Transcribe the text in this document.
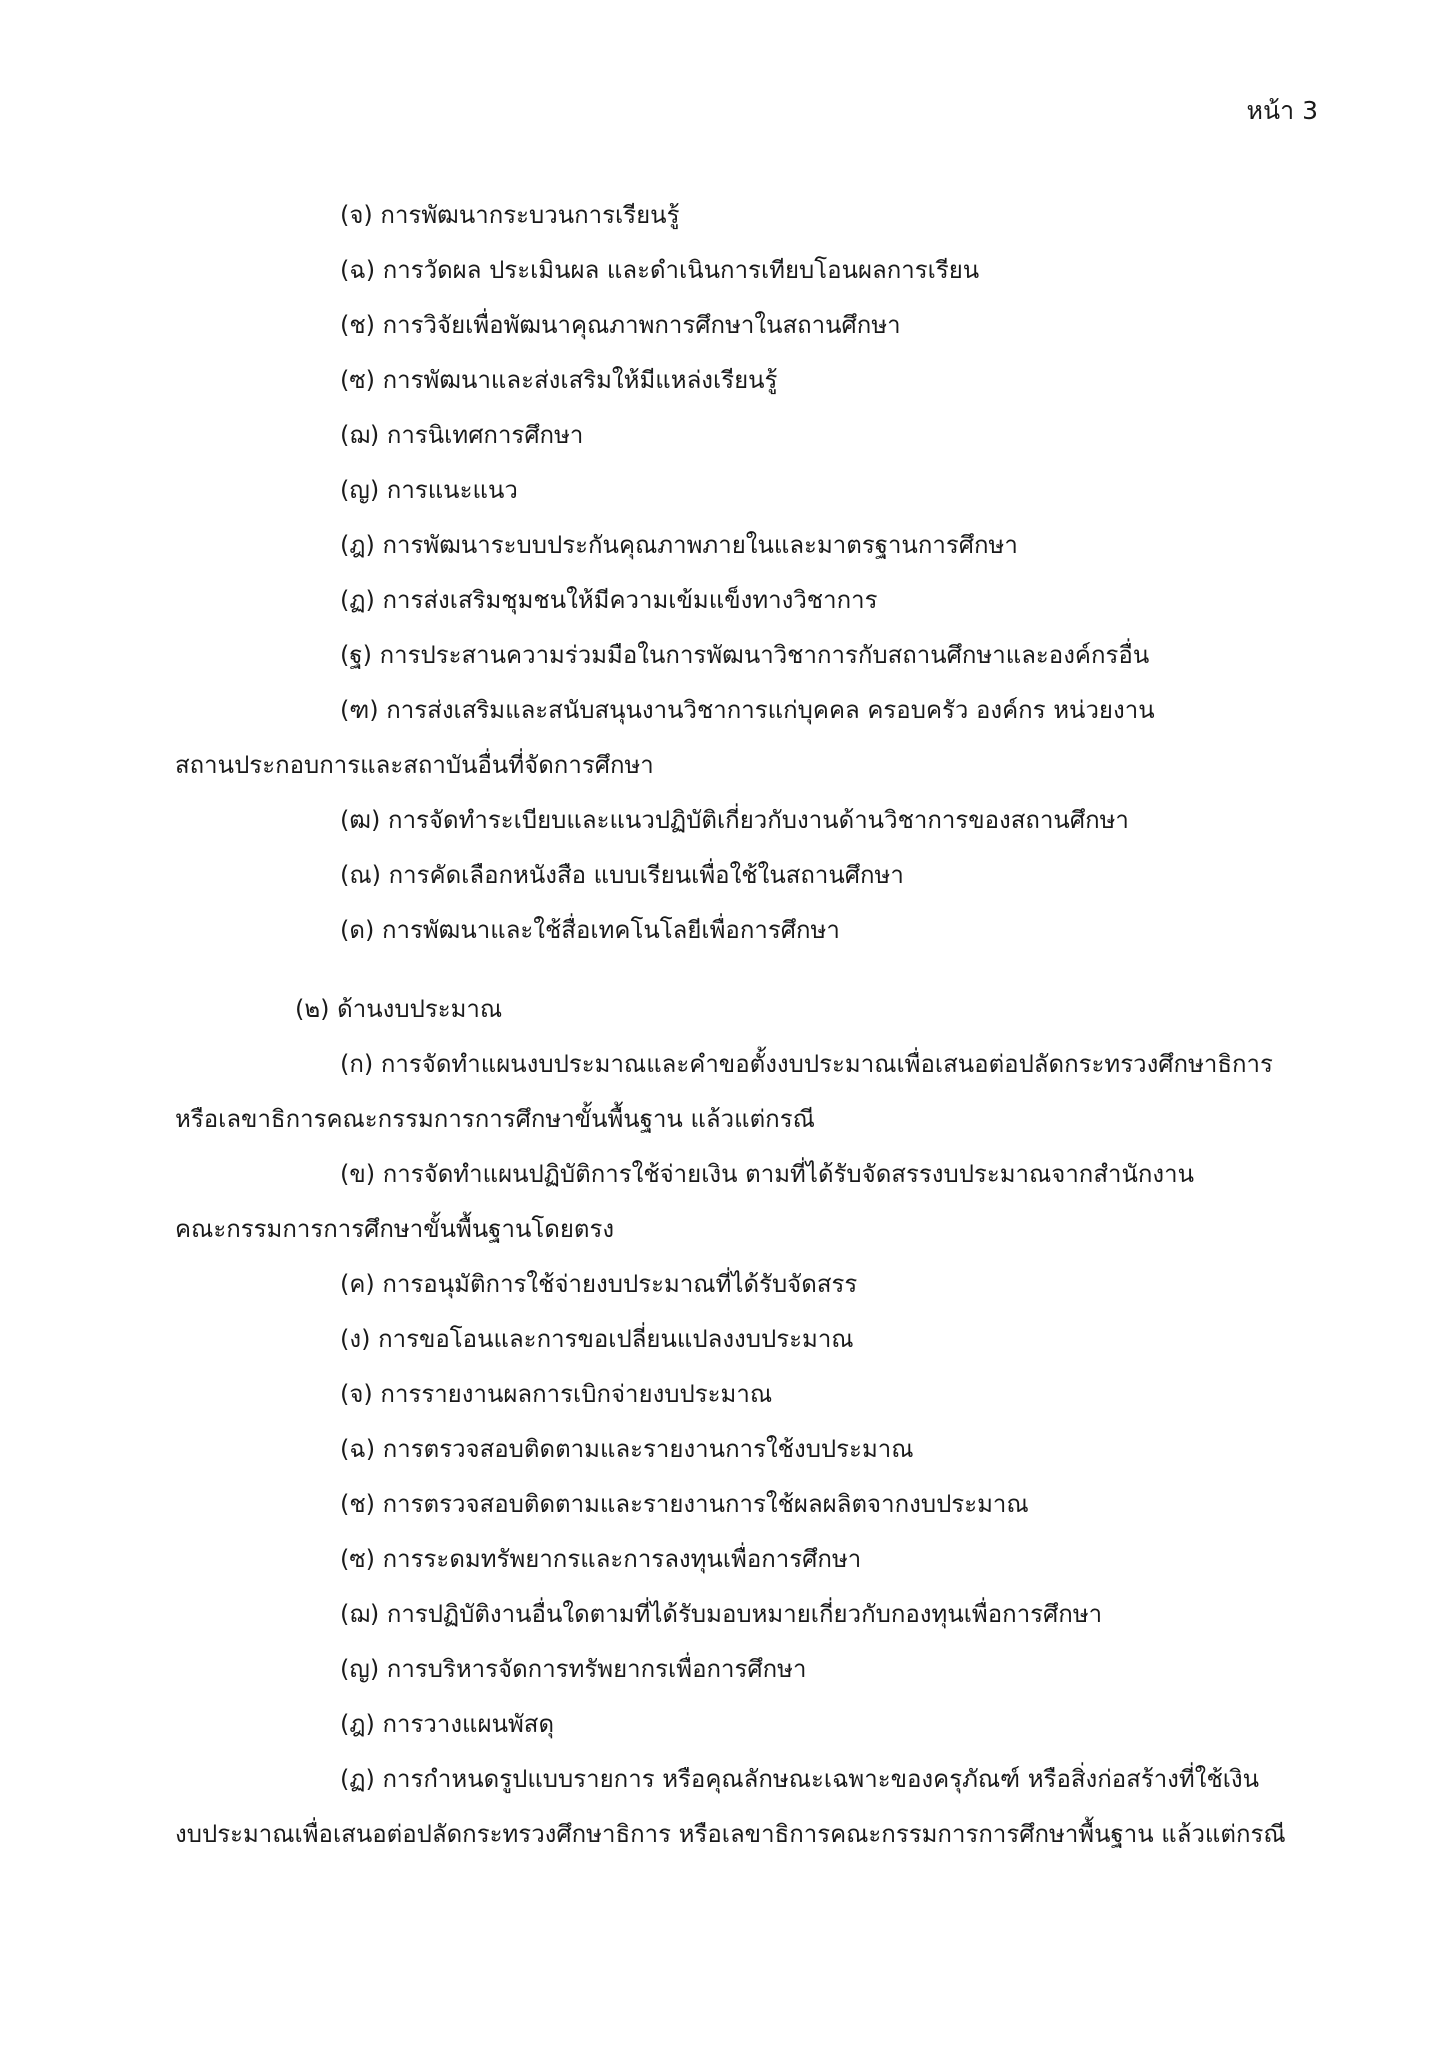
หน้า 3
(จ) การพัฒนากระบวนการเรียนรู้
(ฉ) การวัดผล ประเมินผล และดำเนินการเทียบโอนผลการเรียน
(ช) การวิจัยเพื่อพัฒนาคุณภาพการศึกษาในสถานศึกษา
(ซ) การพัฒนาและส่งเสริมให้มีแหล่งเรียนรู้
(ฌ) การนิเทศการศึกษา
(ญ) การแนะแนว
(ฎ) การพัฒนาระบบประกันคุณภาพภายในและมาตรฐานการศึกษา
(ฏ) การส่งเสริมชุมชนให้มีความเข้มแข็งทางวิชาการ
(ฐ) การประสานความร่วมมือในการพัฒนาวิชาการกับสถานศึกษาและองค์กรอื่น
(ฑ) การส่งเสริมและสนับสนุนงานวิชาการแก่บุคคล ครอบครัว องค์กร หน่วยงาน
สถานประกอบการและสถาบันอื่นที่จัดการศึกษา
(ฒ) การจัดทำระเบียบและแนวปฏิบัติเกี่ยวกับงานด้านวิชาการของสถานศึกษา
(ณ) การคัดเลือกหนังสือ แบบเรียนเพื่อใช้ในสถานศึกษา
(ด) การพัฒนาและใช้สื่อเทคโนโลยีเพื่อการศึกษา
(๒) ด้านงบประมาณ
(ก) การจัดทำแผนงบประมาณและคำขอตั้งงบประมาณเพื่อเสนอต่อปลัดกระทรวงศึกษาธิการ
หรือเลขาธิการคณะกรรมการการศึกษาขั้นพื้นฐาน แล้วแต่กรณี
(ข) การจัดทำแผนปฏิบัติการใช้จ่ายเงิน ตามที่ได้รับจัดสรรงบประมาณจากสำนักงาน
คณะกรรมการการศึกษาขั้นพื้นฐานโดยตรง
(ค) การอนุมัติการใช้จ่ายงบประมาณที่ได้รับจัดสรร
(ง) การขอโอนและการขอเปลี่ยนแปลงงบประมาณ
(จ) การรายงานผลการเบิกจ่ายงบประมาณ
(ฉ) การตรวจสอบติดตามและรายงานการใช้งบประมาณ
(ช) การตรวจสอบติดตามและรายงานการใช้ผลผลิตจากงบประมาณ
(ซ) การระดมทรัพยากรและการลงทุนเพื่อการศึกษา
(ฌ) การปฏิบัติงานอื่นใดตามที่ได้รับมอบหมายเกี่ยวกับกองทุนเพื่อการศึกษา
(ญ) การบริหารจัดการทรัพยากรเพื่อการศึกษา
(ฎ) การวางแผนพัสดุ
(ฏ) การกำหนดรูปแบบรายการ หรือคุณลักษณะเฉพาะของครุภัณฑ์ หรือสิ่งก่อสร้างที่ใช้เงิน
งบประมาณเพื่อเสนอต่อปลัดกระทรวงศึกษาธิการ หรือเลขาธิการคณะกรรมการการศึกษาพื้นฐาน แล้วแต่กรณี
